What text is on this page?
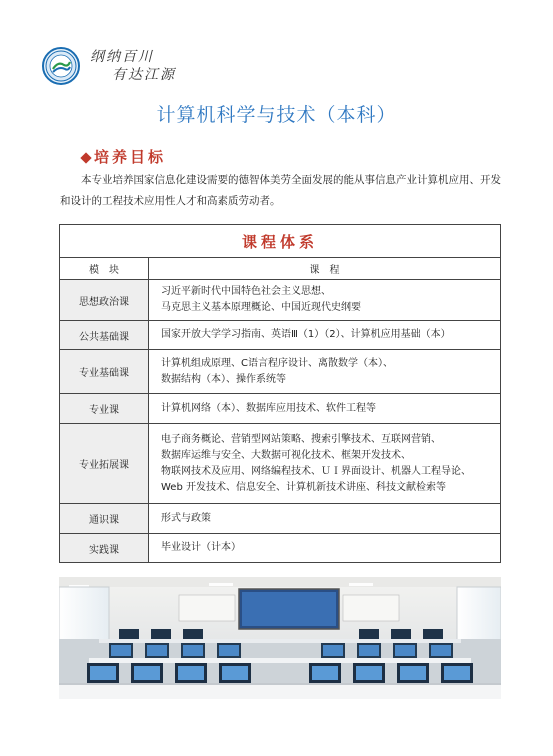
纲纳百川
有达江源
计算机科学与技术（本科）
培养目标

本专业培养国家信息化建设需要的德智体美劳全面发展的能从事信息产业计算机应用、开发和设计的工程技术应用性人才和高素质劳动者。

课程体系	
模　块	课　程
思想政治课	习近平新时代中国特色社会主义思想、
马克思主义基本原理概论、中国近现代史纲要

公共基础课	国家开放大学学习指南、英语Ⅲ（1）（2）、计算机应用基础（本）

专业基础课	计算机组成原理、C语言程序设计、离散数学（本）、
数据结构（本）、操作系统等

专业课	计算机网络（本）、数据库应用技术、软件工程等

专业拓展课	电子商务概论、营销型网站策略、搜索引擎技术、互联网营销、
数据库运维与安全、大数据可视化技术、框架开发技术、
物联网技术及应用、网络编程技术、ＵＩ界面设计、机器人工程导论、
Web 开发技术、信息安全、计算机新技术讲座、科技文献检索等

通识课	形式与政策

实践课	毕业设计（计本）
